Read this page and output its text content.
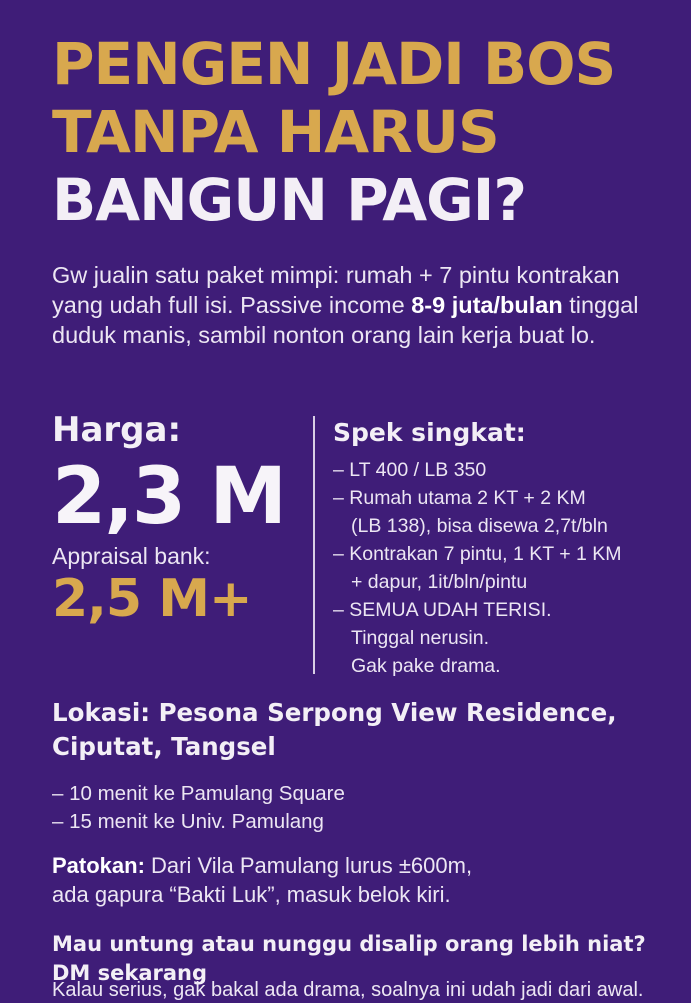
PENGEN JADI BOS
TANPA HARUS
BANGUN PAGI?

Gw jualin satu paket mimpi: rumah + 7 pintu kontrakan yang udah full isi. Passive income 8-9 juta/bulan tinggal duduk manis, sambil nonton orang lain kerja buat lo.

Harga:
2,3 M
Appraisal bank:
2,5 M+
Spek singkat:
– LT 400 / LB 350
– Rumah utama 2 KT + 2 KM
(LB 138), bisa disewa 2,7t/bln
– Kontrakan 7 pintu, 1 KT + 1 KM
+ dapur, 1it/bln/pintu
– SEMUA UDAH TERISI.
Tinggal nerusin.
Gak pake drama.
Lokasi: Pesona Serpong View Residence,
Ciputat, Tangsel
– 10 menit ke Pamulang Square
– 15 menit ke Univ. Pamulang

Patokan: Dari Vila Pamulang lurus ±600m,
ada gapura “Bakti Luk”, masuk belok kiri.

Mau untung atau nunggu disalip orang lebih niat?
DM sekarang

Kalau serius, gak bakal ada drama, soalnya ini udah jadi dari awal.
